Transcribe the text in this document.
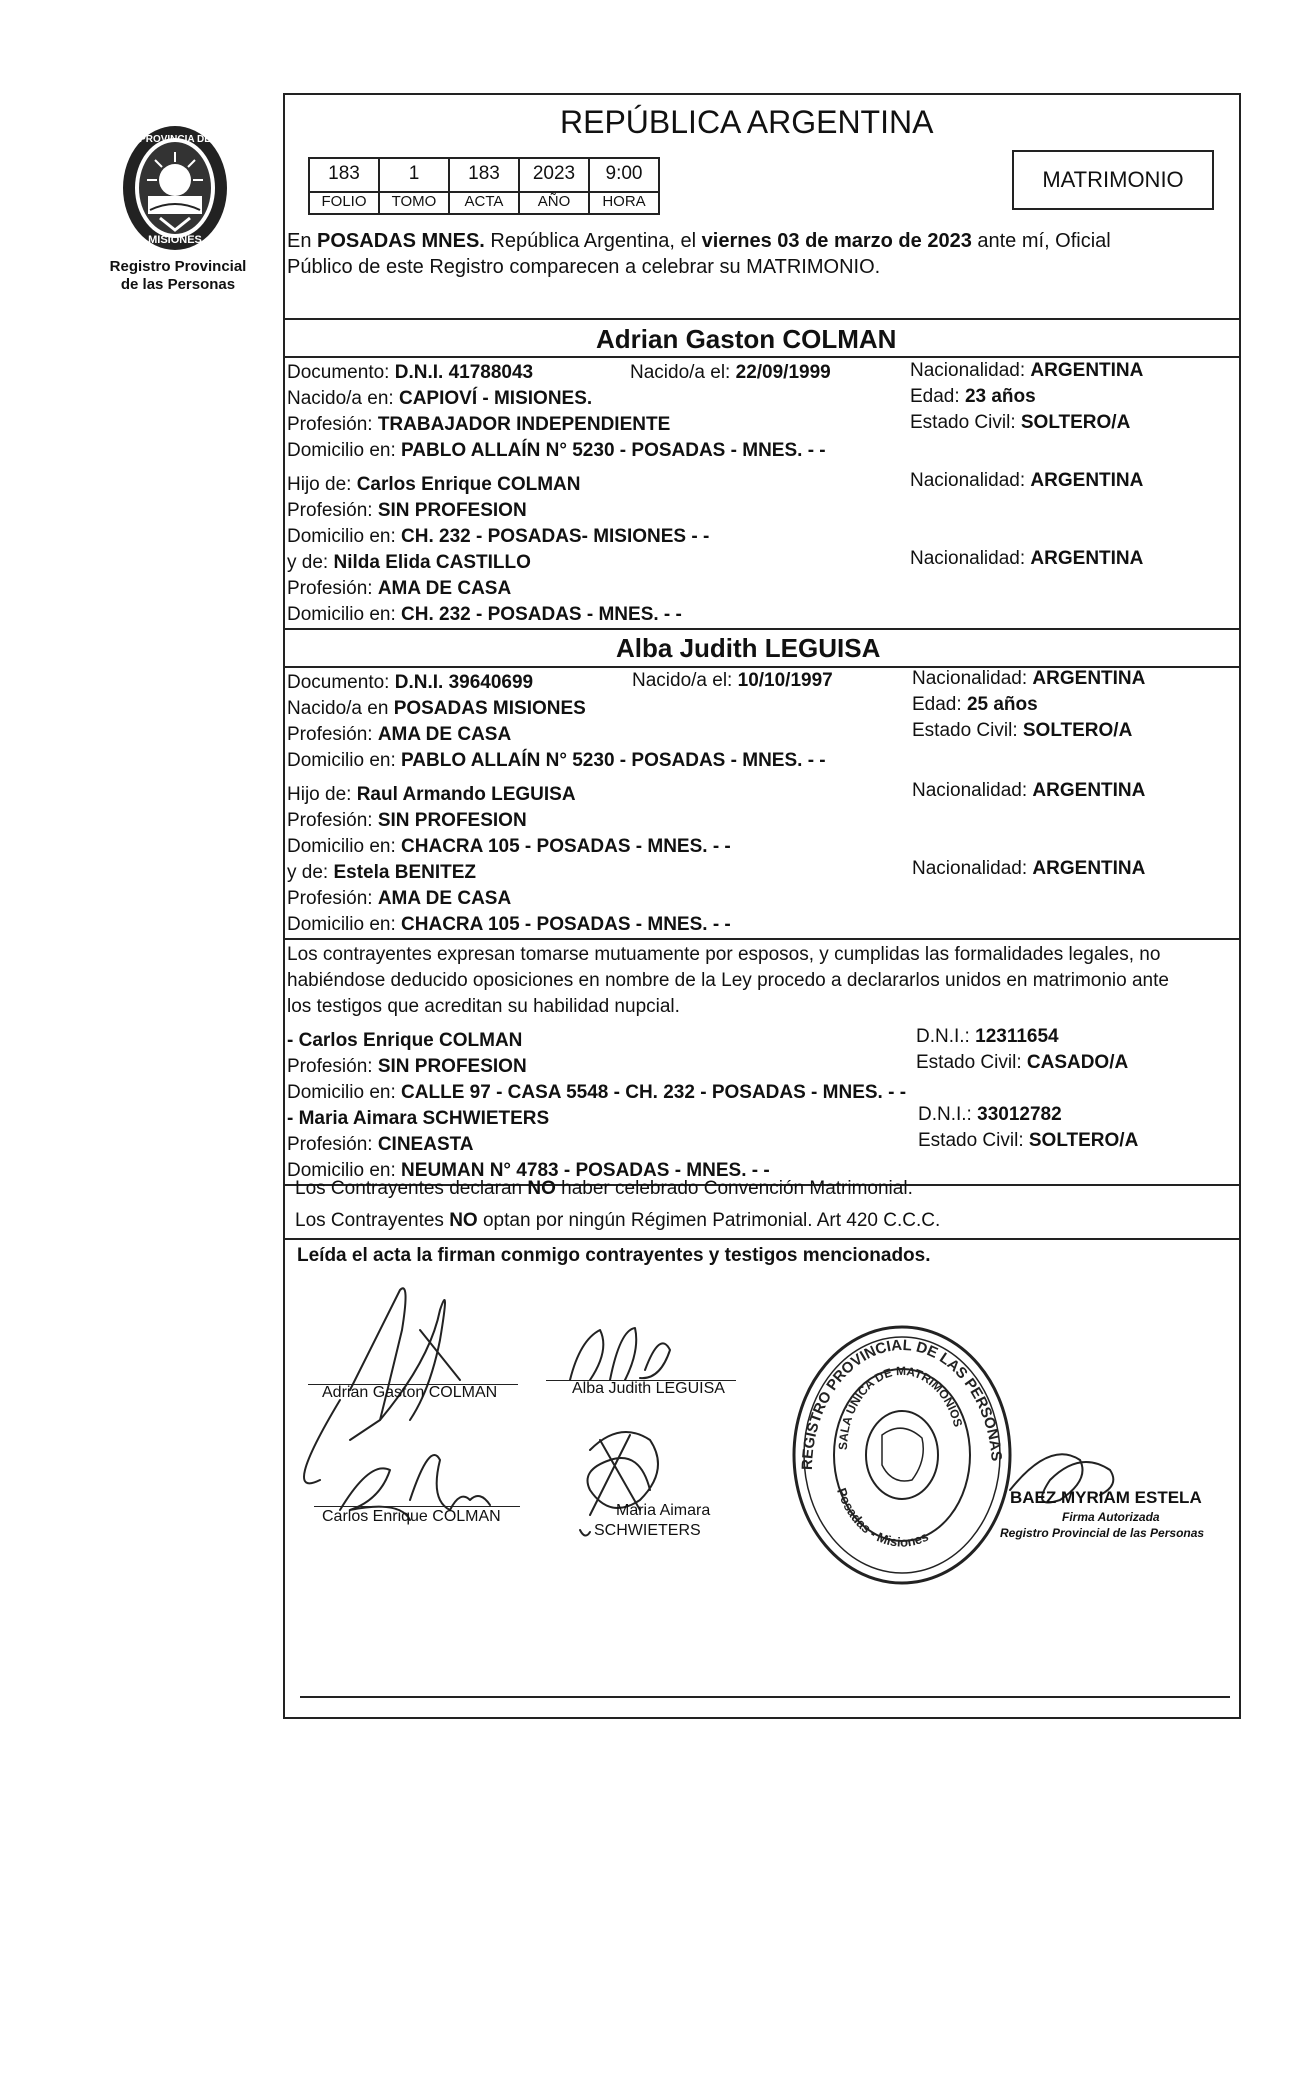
PROVINCIA DE
MISIONES
Registro Provincial
de las Personas
REPÚBLICA ARGENTINA
183	1	183	2023	9:00
FOLIO	TOMO	ACTA	AÑO	HORA
MATRIMONIO
En POSADAS MNES. República Argentina, el viernes 03 de marzo de 2023 ante mí, Oficial
Público de este Registro comparecen a celebrar su MATRIMONIO.
Adrian Gaston COLMAN
Documento: D.N.I. 41788043	Nacido/a el: 22/09/1999	Nacionalidad: ARGENTINA
Nacido/a en: CAPIOVÍ - MISIONES.	Edad: 23 años
Profesión: TRABAJADOR INDEPENDIENTE	Estado Civil: SOLTERO/A
Domicilio en: PABLO ALLAÍN N° 5230 - POSADAS - MNES. - -
Hijo de: Carlos Enrique COLMAN	Nacionalidad: ARGENTINA
Profesión: SIN PROFESION
Domicilio en: CH. 232 - POSADAS- MISIONES - -
y de: Nilda Elida CASTILLO	Nacionalidad: ARGENTINA
Profesión: AMA DE CASA
Domicilio en: CH. 232 - POSADAS - MNES. - -
Alba Judith LEGUISA
Documento: D.N.I. 39640699	Nacido/a el: 10/10/1997	Nacionalidad: ARGENTINA
Nacido/a en POSADAS MISIONES	Edad: 25 años
Profesión: AMA DE CASA	Estado Civil: SOLTERO/A
Domicilio en: PABLO ALLAÍN N° 5230 - POSADAS - MNES. - -
Hijo de: Raul Armando LEGUISA	Nacionalidad: ARGENTINA
Profesión: SIN PROFESION
Domicilio en: CHACRA 105 - POSADAS - MNES. - -
y de: Estela BENITEZ	Nacionalidad: ARGENTINA
Profesión: AMA DE CASA
Domicilio en: CHACRA 105 - POSADAS - MNES. - -
Los contrayentes expresan tomarse mutuamente por esposos, y cumplidas las formalidades legales, no
habiéndose deducido oposiciones en nombre de la Ley procedo a declararlos unidos en matrimonio ante
los testigos que acreditan su habilidad nupcial.
- Carlos Enrique COLMAN	D.N.I.: 12311654
Profesión: SIN PROFESION	Estado Civil: CASADO/A
Domicilio en: CALLE 97 - CASA 5548 - CH. 232 - POSADAS - MNES. - -
- Maria Aimara SCHWIETERS	D.N.I.: 33012782
Profesión: CINEASTA	Estado Civil: SOLTERO/A
Domicilio en: NEUMAN N° 4783 - POSADAS - MNES. - -
Los Contrayentes declaran NO haber celebrado Convención Matrimonial.
Los Contrayentes NO optan por ningún Régimen Patrimonial. Art 420 C.C.C.
Leída el acta la firman conmigo contrayentes y testigos mencionados.
Adrian Gaston COLMAN	Alba Judith LEGUISA
Carlos Enrique COLMAN	Maria Aimara
SCHWIETERS
REGISTRO PROVINCIAL DE LAS PERSONAS
SALA ÚNICA DE MATRIMONIOS
Posadas - Misiones
BAEZ MYRIAM ESTELA
Firma Autorizada
Registro Provincial de las Personas
